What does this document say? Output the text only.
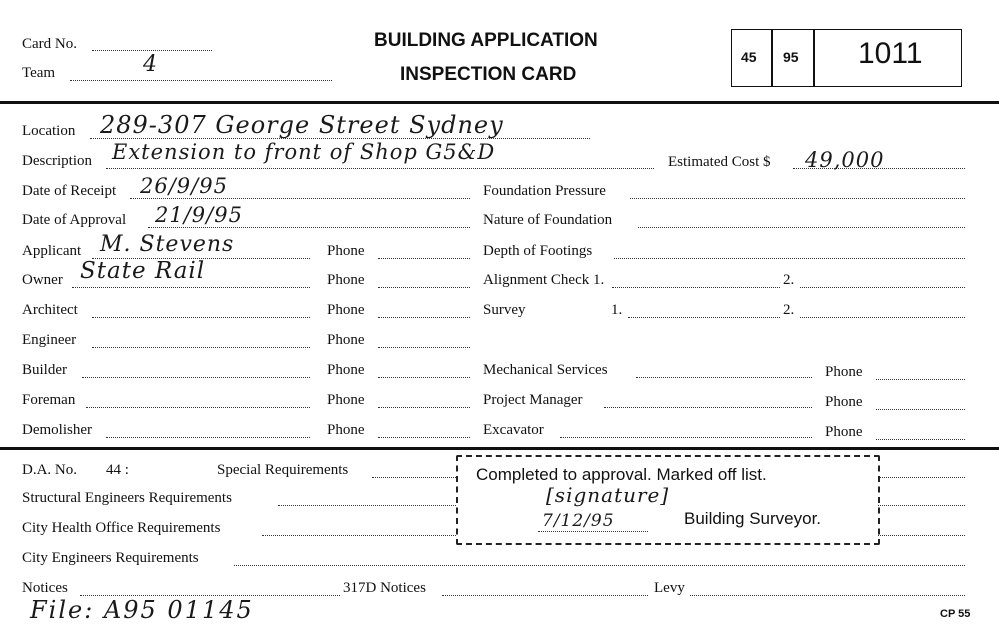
Card No.
Team	4
BUILDING APPLICATION
INSPECTION CARD
45 95 1011
Location 289-307 George Street Sydney
Description Extension to front of Shop G5&D	Estimated Cost $ 49,000
Date of Receipt 26/9/95
Date of Approval 21/9/95
Applicant M. Stevens	Phone
Owner State Rail	Phone
Architect	Phone
Engineer	Phone
Builder	Phone
Foreman	Phone
Demolisher	Phone
Foundation Pressure
Nature of Foundation
Depth of Footings
Alignment Check 1.	2.
Survey	1.	2.
Mechanical Services	Phone
Project Manager	Phone
Excavator	Phone
D.A. No. 44 :	Special Requirements
Structural Engineers Requirements
City Health Office Requirements
City Engineers Requirements
Notices	317D Notices	Levy
Completed to approval. Marked off list.
[signature]
7/12/95	Building Surveyor.
File: A95 01145	CP 55
